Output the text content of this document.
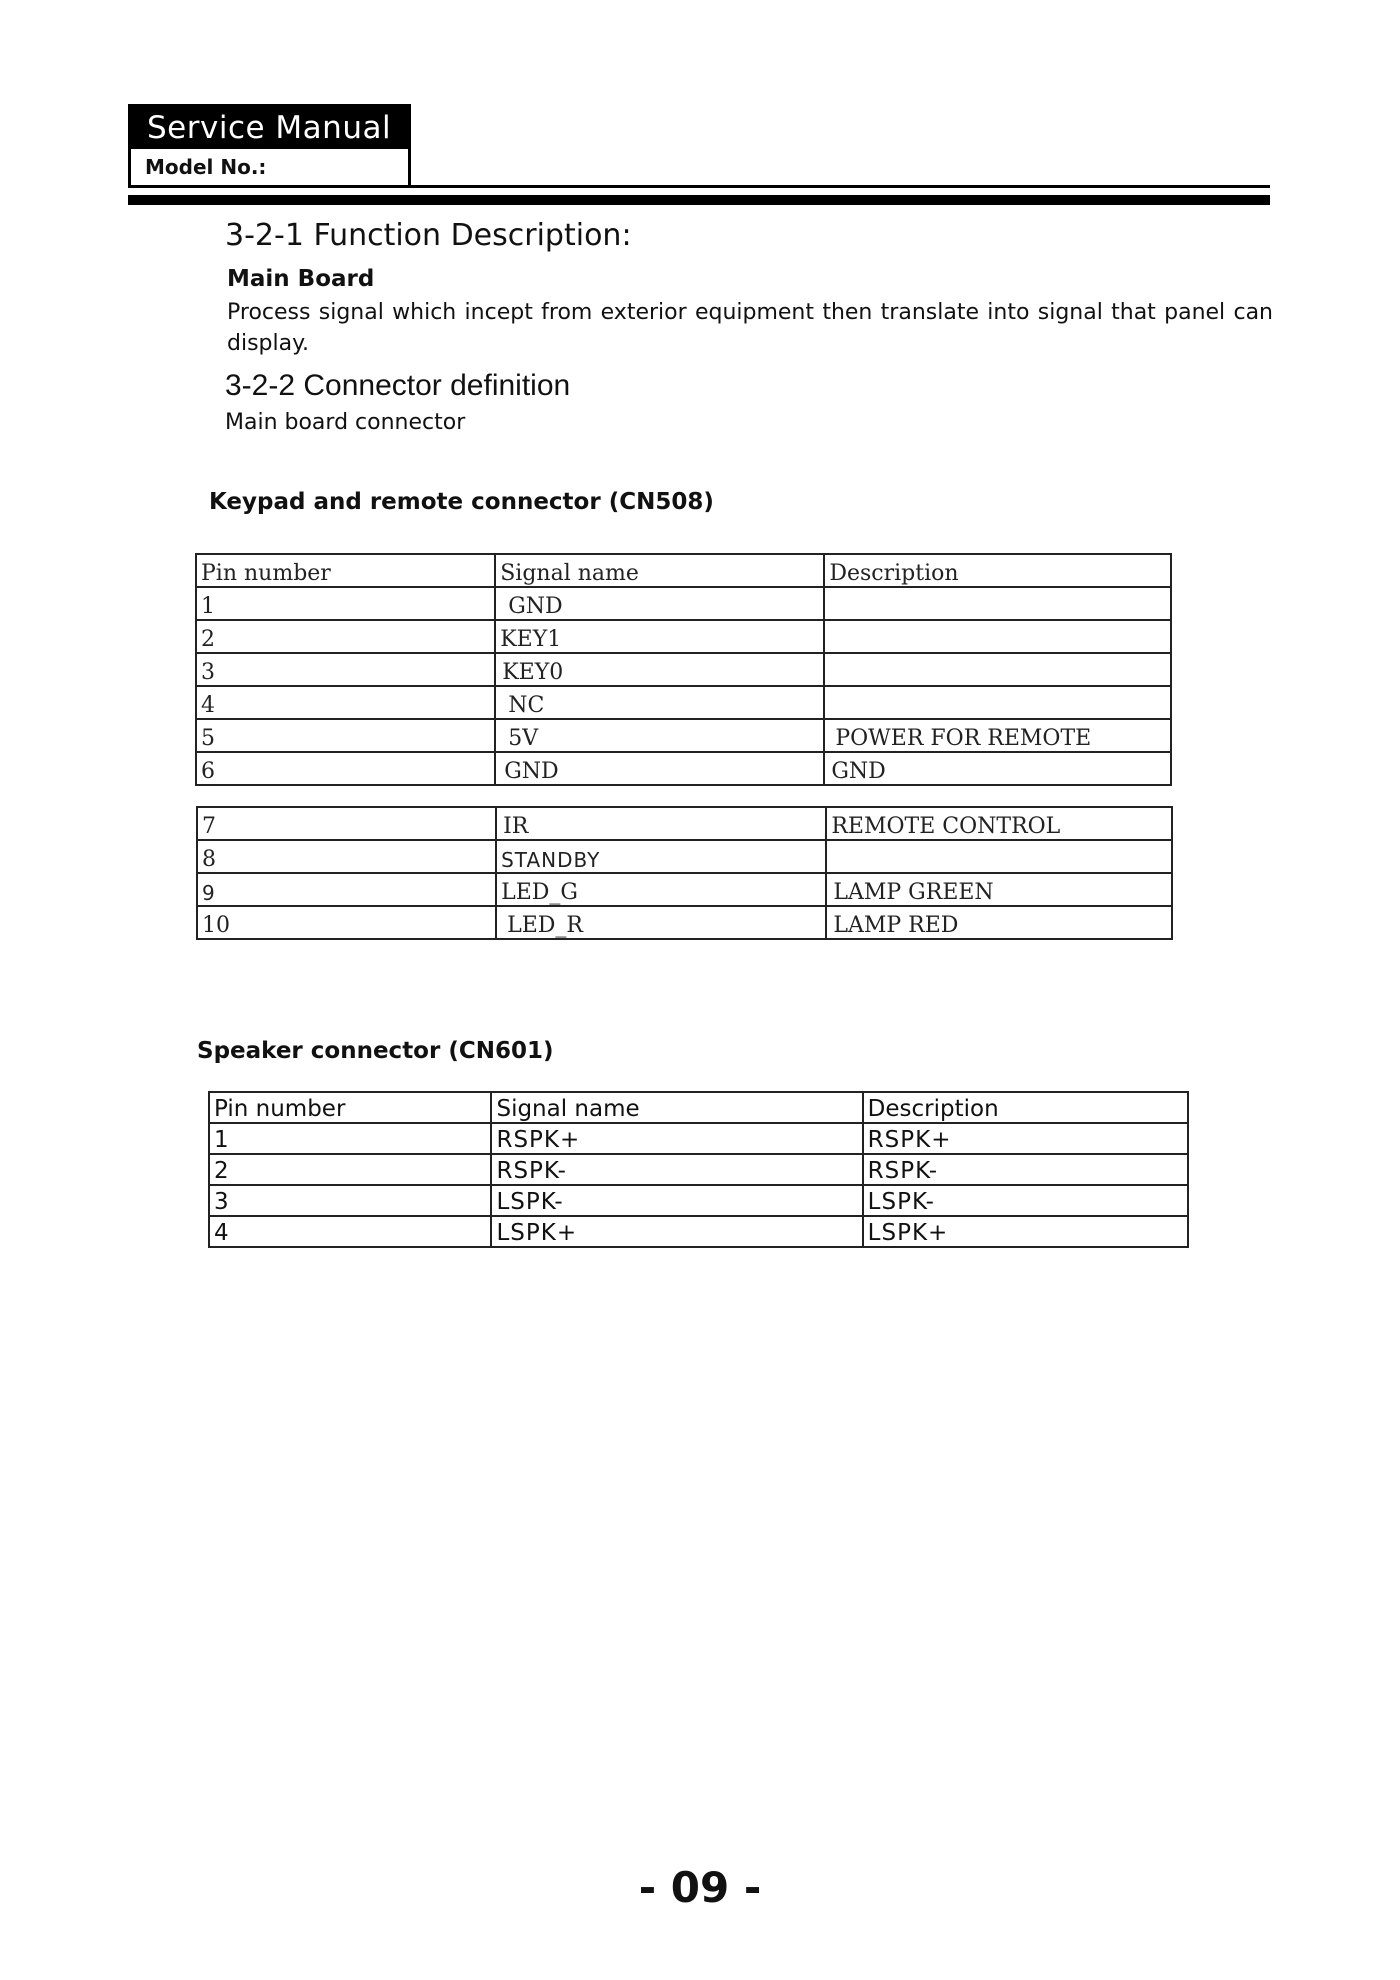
Service Manual
Model No.:
3-2-1 Function Description:
Main Board
Process signal which incept from exterior equipment then translate into signal that panel can display.
3-2-2 Connector definition
Main board connector
Keypad and remote connector (CN508)
Pin number	Signal name	Description
1	GND	
2	KEY1	
3	KEY0	
4	NC	
5	5V	POWER FOR REMOTE
6	GND	GND
7	IR	REMOTE CONTROL
8	STANDBY	
9	LED_G	LAMP GREEN
10	LED_R	LAMP RED
Speaker connector (CN601)
Pin number	Signal name	Description
1	RSPK+	RSPK+
2	RSPK-	RSPK-
3	LSPK-	LSPK-
4	LSPK+	LSPK+
- 09 -
